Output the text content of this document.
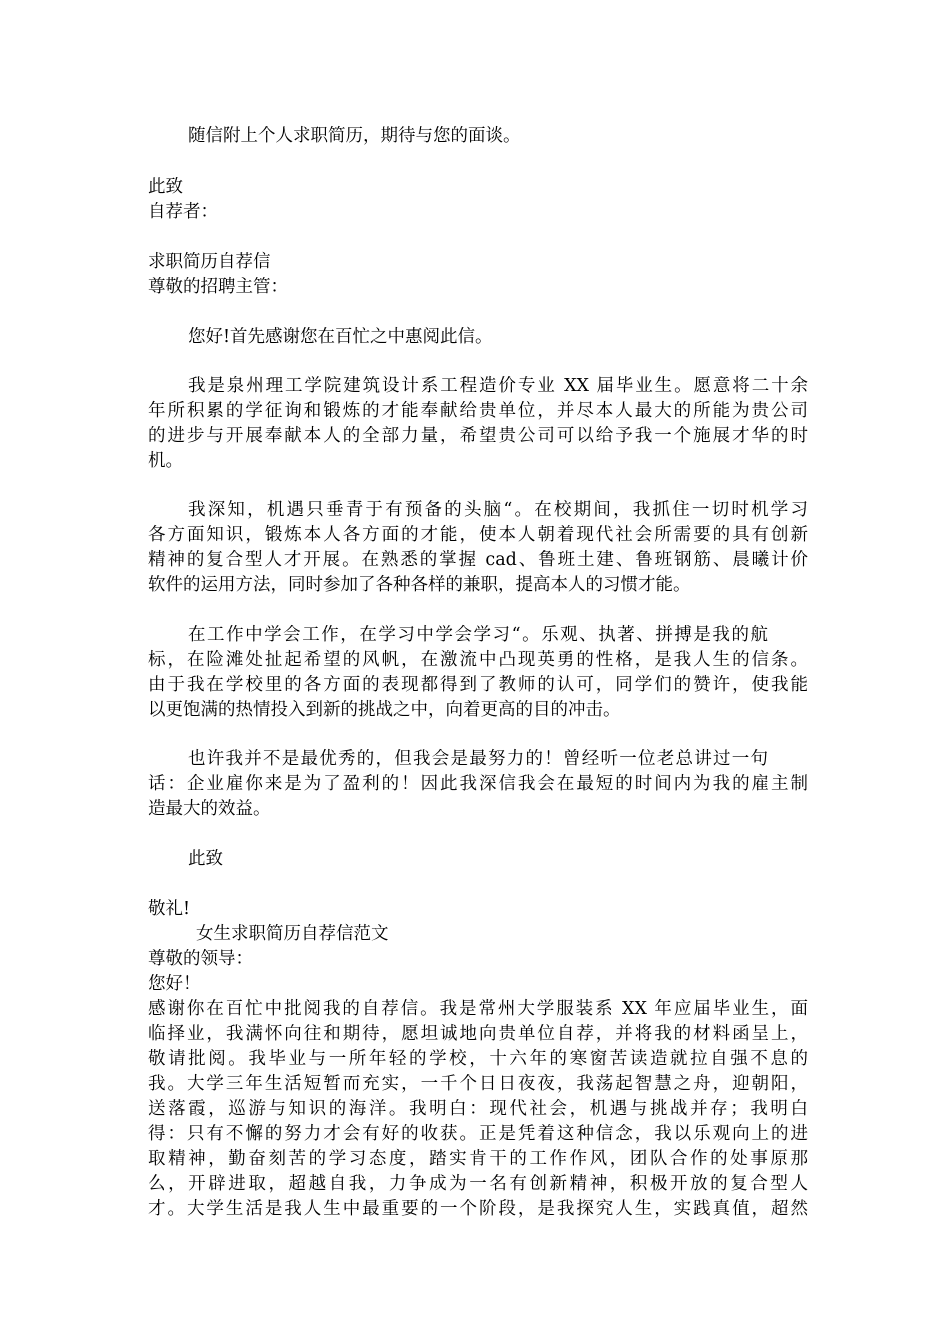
随信附上个人求职简历，期待与您的面谈。
此致
自荐者：
求职简历自荐信
尊敬的招聘主管：
您好!首先感谢您在百忙之中惠阅此信。
我是泉州理工学院建筑设计系工程造价专业 XX 届毕业生。愿意将二十余
年所积累的学征询和锻炼的才能奉献给贵单位，并尽本人最大的所能为贵公司
的进步与开展奉献本人的全部力量，希望贵公司可以给予我一个施展才华的时
机。
我深知，机遇只垂青于有预备的头脑“。在校期间，我抓住一切时机学习
各方面知识，锻炼本人各方面的才能，使本人朝着现代社会所需要的具有创新
精神的复合型人才开展。在熟悉的掌握 cad、鲁班土建、鲁班钢筋、晨曦计价
软件的运用方法，同时参加了各种各样的兼职，提高本人的习惯才能。
在工作中学会工作，在学习中学会学习“。乐观、执著、拼搏是我的航
标，在险滩处扯起希望的风帆，在激流中凸现英勇的性格，是我人生的信条。
由于我在学校里的各方面的表现都得到了教师的认可，同学们的赞许，使我能
以更饱满的热情投入到新的挑战之中，向着更高的目的冲击。
也许我并不是最优秀的，但我会是最努力的！曾经听一位老总讲过一句
话：企业雇你来是为了盈利的！因此我深信我会在最短的时间内为我的雇主制
造最大的效益。
此致
敬礼!
女生求职简历自荐信范文
尊敬的领导：
您好！
感谢你在百忙中批阅我的自荐信。我是常州大学服装系 XX 年应届毕业生，面
临择业，我满怀向往和期待，愿坦诚地向贵单位自荐，并将我的材料函呈上，
敬请批阅。我毕业与一所年轻的学校，十六年的寒窗苦读造就拉自强不息的
我。大学三年生活短暂而充实，一千个日日夜夜，我荡起智慧之舟，迎朝阳，
送落霞，巡游与知识的海洋。我明白：现代社会，机遇与挑战并存；我明白
得：只有不懈的努力才会有好的收获。正是凭着这种信念，我以乐观向上的进
取精神，勤奋刻苦的学习态度，踏实肯干的工作作风，团队合作的处事原那
么，开辟进取，超越自我，力争成为一名有创新精神，积极开放的复合型人
才。大学生活是我人生中最重要的一个阶段，是我探究人生，实践真值，超然
